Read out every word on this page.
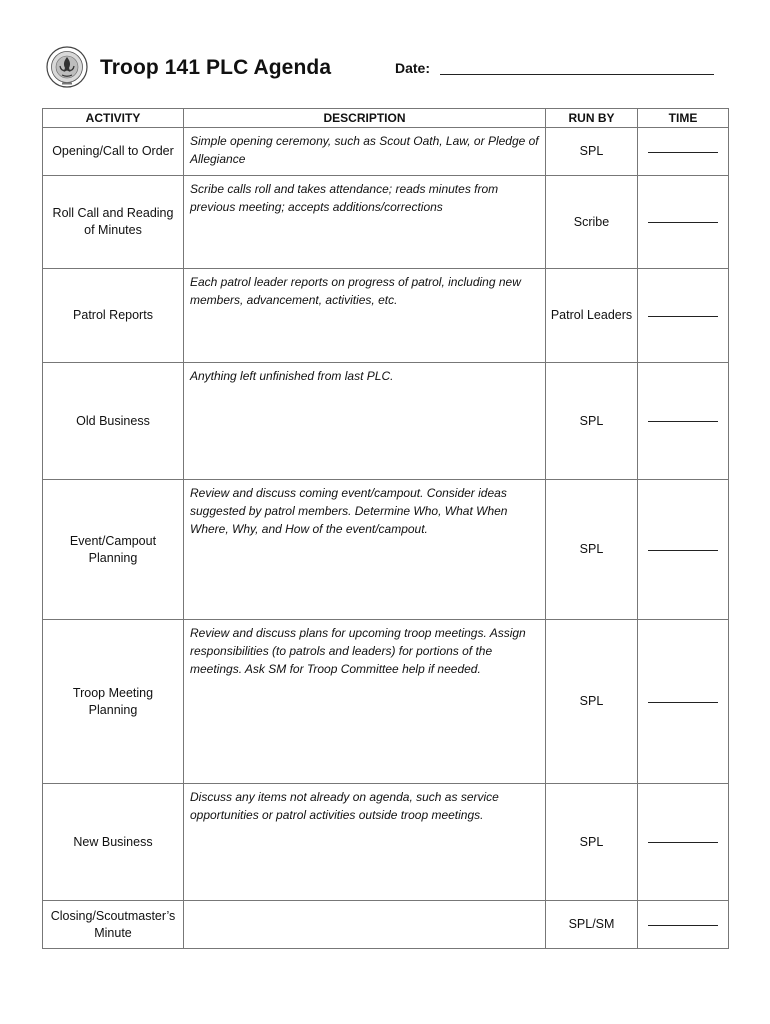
Troop 141 PLC Agenda	Date:
ACTIVITY	DESCRIPTION	RUN BY	TIME
Opening/Call to Order	Simple opening ceremony, such as Scout Oath, Law, or Pledge of Allegiance	SPL	
Roll Call and Reading of Minutes	Scribe calls roll and takes attendance; reads minutes from previous meeting; accepts additions/corrections	Scribe	
Patrol Reports	Each patrol leader reports on progress of patrol, including new members, advancement, activities, etc.	Patrol Leaders	
Old Business	Anything left unfinished from last PLC.	SPL	
Event/Campout Planning	Review and discuss coming event/campout. Consider ideas suggested by patrol members. Determine Who, What When Where, Why, and How of the event/campout.	SPL	
Troop Meeting Planning	Review and discuss plans for upcoming troop meetings. Assign responsibilities (to patrols and leaders) for portions of the meetings. Ask SM for Troop Committee help if needed.	SPL	
New Business	Discuss any items not already on agenda, such as service opportunities or patrol activities outside troop meetings.	SPL	
Closing/Scoutmaster’s Minute		SPL/SM	
